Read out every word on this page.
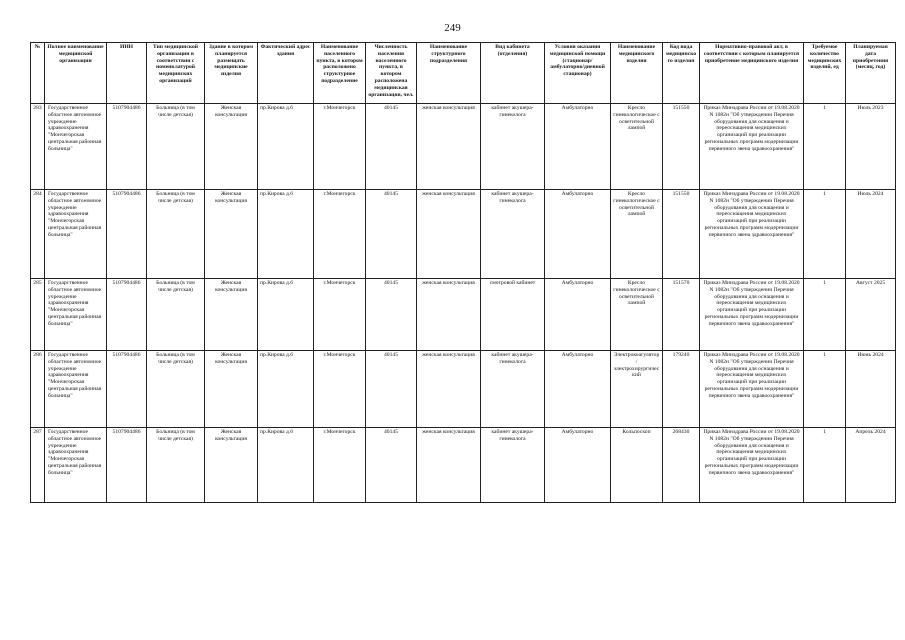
249
№	Полное наименование медицинской организации	ИНН	Тип медицинской организации в соответствии с номенклатурой медицинских организаций	Здание в котором планируется размещать медицинские изделия	Фактический адрес здания	Наименование населенного пункта, в котором расположено структурное подразделение	Численность населения населенного пункта, в котором расположена медицинская организация, чел.	Наименование структурного подразделения	Вид кабинета (отделения)	Условия оказания медицинской помощи (стационар/амбулаторно/дневной стационар)	Наименование медицинского изделия	Код вида медицинского изделия	Нормативно-правовой акт, в соответствии с которым планируется приобретение медицинского изделия	Требуемое количество медицинских изделий, ед	Планируемая дата приобретения (месяц, год)
283	Государственное областное автономное учреждение здравоохранения "Мончегорская центральная районная больница"	5107904486	Больница (в том числе детская)	Женская консультация	пр.Кирова д.6	г.Мончегорск	40145	женская консультация	кабинет акушера-гинеколога	Амбулаторно	Кресло гинекологическое с осветительной лампой	151550	Приказ Минздрава России от 19.08.2020 N 1082н "Об утверждении Перечня оборудования для оснащения и переоснащения медицинских организаций при реализации региональных программ модернизации первичного звена здравоохранения"	1	Июль 2023
284	Государственное областное автономное учреждение здравоохранения "Мончегорская центральная районная больница"	5107904486	Больница (в том числе детская)	Женская консультация	пр.Кирова д.6	г.Мончегорск	40145	женская консультация	кабинет акушера-гинеколога	Амбулаторно	Кресло гинекологическое с осветительной лампой	151550	Приказ Минздрава России от 19.08.2020 N 1082н "Об утверждении Перечня оборудования для оснащения и переоснащения медицинских организаций при реализации региональных программ модернизации первичного звена здравоохранения"	1	Июль 2024
285	Государственное областное автономное учреждение здравоохранения "Мончегорская центральная районная больница"	5107904486	Больница (в том числе детская)	Женская консультация	пр.Кирова д.6	г.Мончегорск	40145	женская консультация	смотровой кабинет	Амбулаторно	Кресло гинекологическое с осветительной лампой	151570	Приказ Минздрава России от 19.08.2020 N 1082н "Об утверждении Перечня оборудования для оснащения и переоснащения медицинских организаций при реализации региональных программ модернизации первичного звена здравоохранения"	1	Август 2025
286	Государственное областное автономное учреждение здравоохранения "Мончегорская центральная районная больница"	5107904486	Больница (в том числе детская)	Женская консультация	пр.Кирова д.6	г.Мончегорск	40145	женская консультация	кабинет акушера-гинеколога	Амбулаторно	Электрокоагулятор/электрохирургический	179240	Приказ Минздрава России от 19.08.2020 N 1082н "Об утверждении Перечня оборудования для оснащения и переоснащения медицинских организаций при реализации региональных программ модернизации первичного звена здравоохранения"	1	Июнь 2024
287	Государственное областное автономное учреждение здравоохранения "Мончегорская центральная районная больница"	5107904486	Больница (в том числе детская)	Женская консультация	пр.Кирова д.6	г.Мончегорск	40145	женская консультация	кабинет акушера-гинеколога	Амбулаторно	Кольпоскоп	268430	Приказ Минздрава России от 19.08.2020 N 1082н "Об утверждении Перечня оборудования для оснащения и переоснащения медицинских организаций при реализации региональных программ модернизации первичного звена здравоохранения"	1	Апрель 2024
